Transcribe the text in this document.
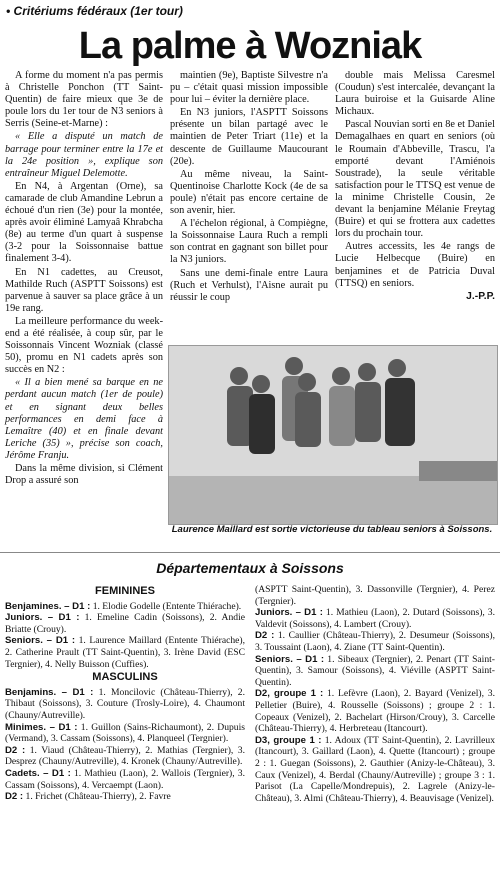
• Critériums fédéraux (1er tour)
La palme à Wozniak

A forme du moment n'a pas permis à Christelle Ponchon (TT Saint-Quentin) de faire mieux que 3e de poule lors du 1er tour de N3 seniors à Serris (Seine-et-Marne) :

« Elle a disputé un match de barrage pour terminer entre la 17e et la 24e position », explique son entraîneur Miguel Delemotte.

En N4, à Argentan (Orne), sa camarade de club Amandine Lebrun a échoué d'un rien (3e) pour la montée, après avoir éliminé Lamyaâ Khrabcha (8e) au terme d'un quart à suspense (3-2 pour la Soissonnaise battue finalement 3-4).

En N1 cadettes, au Creusot, Mathilde Ruch (ASPTT Soissons) est parvenue à sauver sa place grâce à un 19e rang.

La meilleure performance du week-end a été réalisée, à coup sûr, par le Soissonnais Vincent Wozniak (classé 50), promu en N1 cadets après son succès en N2 :

« Il a bien mené sa barque en ne perdant aucun match (1er de poule) et en signant deux belles performances en demi face à Lemaître (40) et en finale devant Leriche (35) », précise son coach, Jérôme Franju.

Dans la même division, si Clément Drop a assuré son

maintien (9e), Baptiste Silvestre n'a pu – c'était quasi mission impossible pour lui – éviter la dernière place.

En N3 juniors, l'ASPTT Soissons présente un bilan partagé avec le maintien de Peter Triart (11e) et la descente de Guillaume Maucourant (20e).

Au même niveau, la Saint-Quentinoise Charlotte Kock (4e de sa poule) n'était pas encore certaine de son avenir, hier.

A l'échelon régional, à Compiègne, la Soissonnaise Laura Ruch a rempli son contrat en gagnant son billet pour la N3 juniors.

Sans une demi-finale entre Laura (Ruch et Verhulst), l'Aisne aurait pu réussir le coup

double mais Melissa Caresmel (Coudun) s'est intercalée, devançant la Laura buiroise et la Guisarde Aline Michaux.

Pascal Nouvian sorti en 8e et Daniel Demagalhaes en quart en seniors (où le Roumain d'Abbeville, Trascu, l'a emporté devant l'Amiénois Soustrade), la seule véritable satisfaction pour le TTSQ est venue de la minime Christelle Cousin, 2e devant la benjamine Mélanie Freytag (Buire) et qui se frottera aux cadettes lors du prochain tour.

Autres accessits, les 4e rangs de Lucie Helbecque (Buire) en benjamines et de Patricia Duval (TTSQ) en seniors.

J.-P.P.
Laurence Maillard est sortie victorieuse du tableau seniors à Soissons.
Départementaux à Soissons
FEMININES

Benjamines. – D1 : 1. Elodie Godelle (Entente Thiérache).

Juniors. – D1 : 1. Emeline Cadin (Soissons), 2. Andie Briatte (Crouy).

Seniors. – D1 : 1. Laurence Maillard (Entente Thiérache), 2. Catherine Prault (TT Saint-Quentin), 3. Irène David (ESC Tergnier), 4. Nelly Buisson (Cuffies).

MASCULINS

Benjamins. – D1 : 1. Moncilovic (Château-Thierry), 2. Thibaut (Soissons), 3. Couture (Trosly-Loire), 4. Chaumont (Chauny/Autreville).

Minimes. – D1 : 1. Guillon (Sains-Richaumont), 2. Dupuis (Vermand), 3. Cassam (Soissons), 4. Planqueel (Tergnier).

D2 : 1. Viaud (Château-Thierry), 2. Mathias (Tergnier), 3. Desprez (Chauny/Autreville), 4. Kronek (Chauny/Autreville).

Cadets. – D1 : 1. Mathieu (Laon), 2. Wallois (Tergnier), 3. Cassam (Soissons), 4. Vercaempt (Laon).

D2 : 1. Frichet (Château-Thierry), 2. Favre

(ASPTT Saint-Quentin), 3. Dassonville (Tergnier), 4. Perez (Tergnier).

Juniors. – D1 : 1. Mathieu (Laon), 2. Dutard (Soissons), 3. Valdevit (Soissons), 4. Lambert (Crouy).

D2 : 1. Caullier (Château-Thierry), 2. Desumeur (Soissons), 3. Toussaint (Laon), 4. Ziane (TT Saint-Quentin).

Seniors. – D1 : 1. Sibeaux (Tergnier), 2. Penart (TT Saint-Quentin), 3. Samour (Soissons), 4. Viéville (ASPTT Saint-Quentin).

D2, groupe 1 : 1. Lefèvre (Laon), 2. Bayard (Venizel), 3. Pelletier (Buire), 4. Rousselle (Soissons) ; groupe 2 : 1. Copeaux (Venizel), 2. Bachelart (Hirson/Crouy), 3. Carcelle (Château-Thierry), 4. Herbreteau (Itancourt).

D3, groupe 1 : 1. Adoux (TT Saint-Quentin), 2. Lavrilleux (Itancourt), 3. Gaillard (Laon), 4. Quette (Itancourt) ; groupe 2 : 1. Guegan (Soissons), 2. Gauthier (Anizy-le-Château), 3. Caux (Venizel), 4. Berdal (Chauny/Autreville) ; groupe 3 : 1. Parisot (La Capelle/Mondrepuis), 2. Lagrele (Anizy-le-Château), 3. Almi (Château-Thierry), 4. Beauvisage (Venizel).
